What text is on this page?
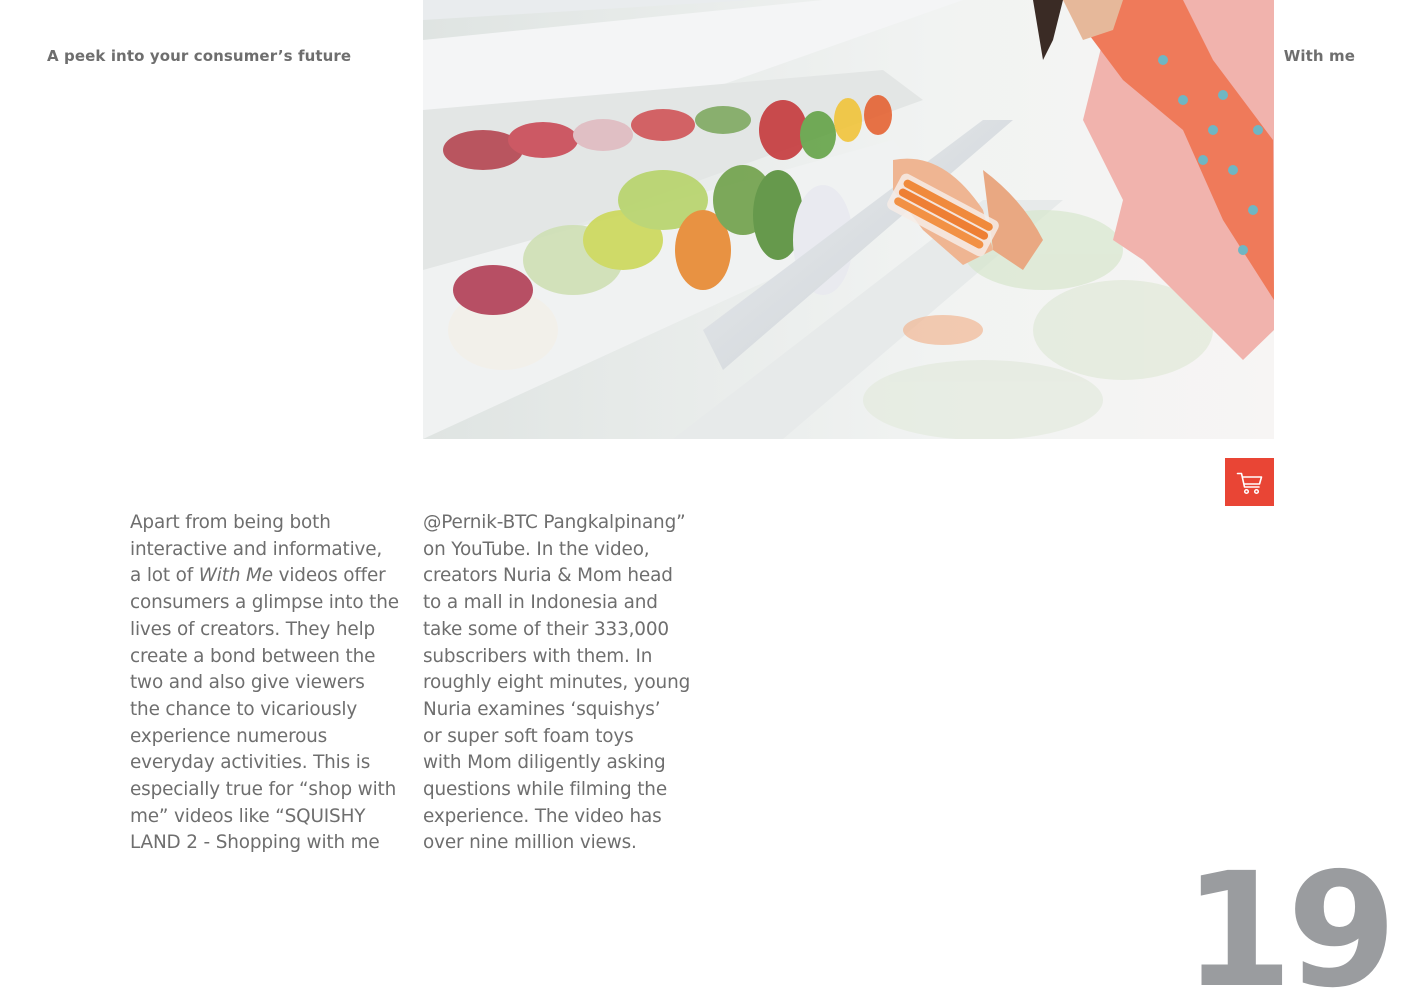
A peek into your consumer’s future	With me

Apart from being both
interactive and informative,
a lot of With Me videos offer
consumers a glimpse into the
lives of creators. They help
create a bond between the
two and also give viewers
the chance to vicariously
experience numerous
everyday activities. This is
especially true for “shop with
me” videos like “SQUISHY
LAND 2 - Shopping with me

@Pernik-BTC Pangkalpinang”
on YouTube. In the video,
creators Nuria & Mom head
to a mall in Indonesia and
take some of their 333,000
subscribers with them. In
roughly eight minutes, young
Nuria examines ‘squishys’
or super soft foam toys
with Mom diligently asking
questions while filming the
experience. The video has
over nine million views.	19
